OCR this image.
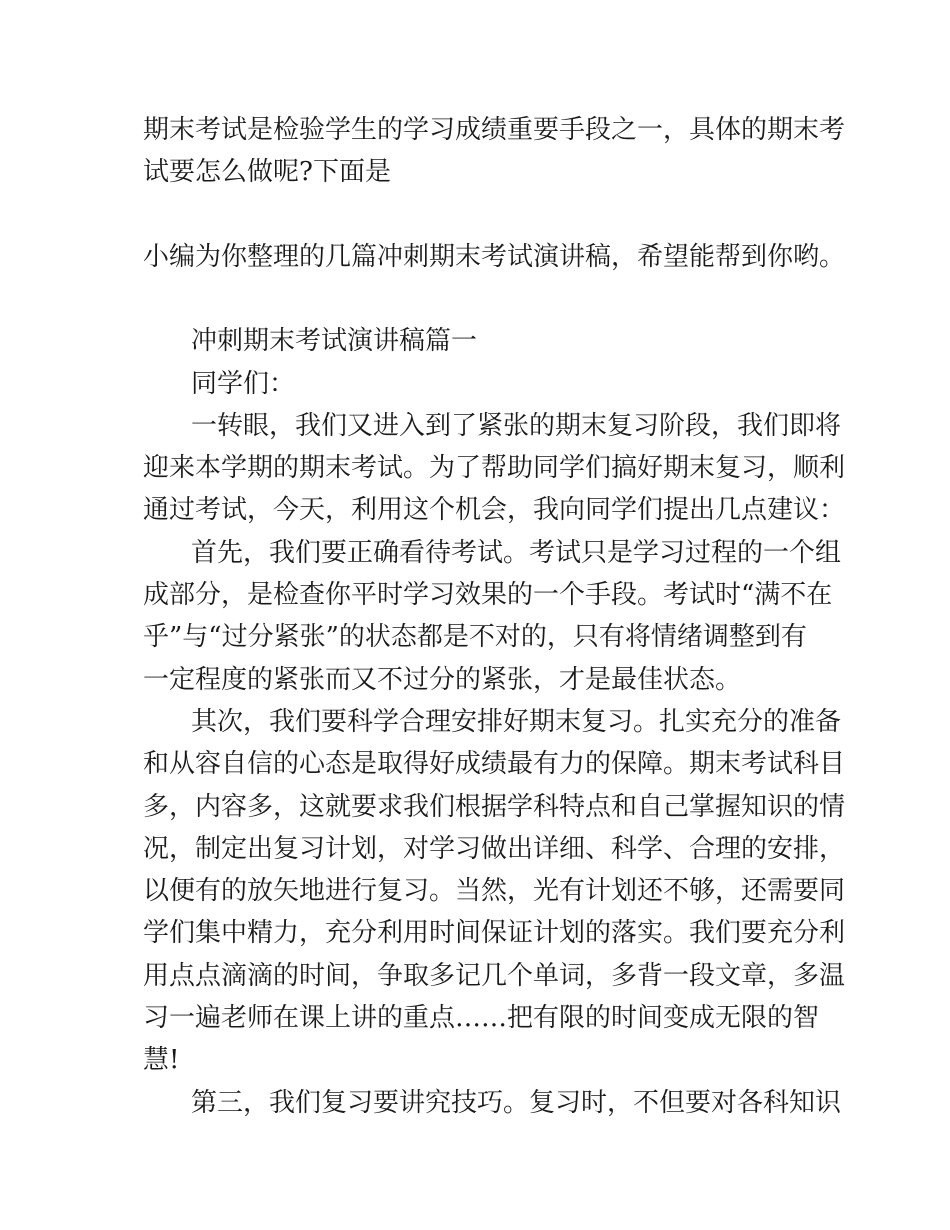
期末考试是检验学生的学习成绩重要手段之一，具体的期末考
试要怎么做呢?下面是
小编为你整理的几篇冲刺期末考试演讲稿，希望能帮到你哟。
冲刺期末考试演讲稿篇一
同学们：
一转眼，我们又进入到了紧张的期末复习阶段，我们即将
迎来本学期的期末考试。为了帮助同学们搞好期末复习，顺利
通过考试，今天，利用这个机会，我向同学们提出几点建议：
首先，我们要正确看待考试。考试只是学习过程的一个组
成部分，是检查你平时学习效果的一个手段。考试时“满不在
乎”与“过分紧张”的状态都是不对的，只有将情绪调整到有
一定程度的紧张而又不过分的紧张，才是最佳状态。
其次，我们要科学合理安排好期末复习。扎实充分的准备
和从容自信的心态是取得好成绩最有力的保障。期末考试科目
多，内容多，这就要求我们根据学科特点和自己掌握知识的情
况，制定出复习计划，对学习做出详细、科学、合理的安排，
以便有的放矢地进行复习。当然，光有计划还不够，还需要同
学们集中精力，充分利用时间保证计划的落实。我们要充分利
用点点滴滴的时间，争取多记几个单词，多背一段文章，多温
习一遍老师在课上讲的重点……把有限的时间变成无限的智
慧!
第三，我们复习要讲究技巧。复习时，不但要对各科知识
